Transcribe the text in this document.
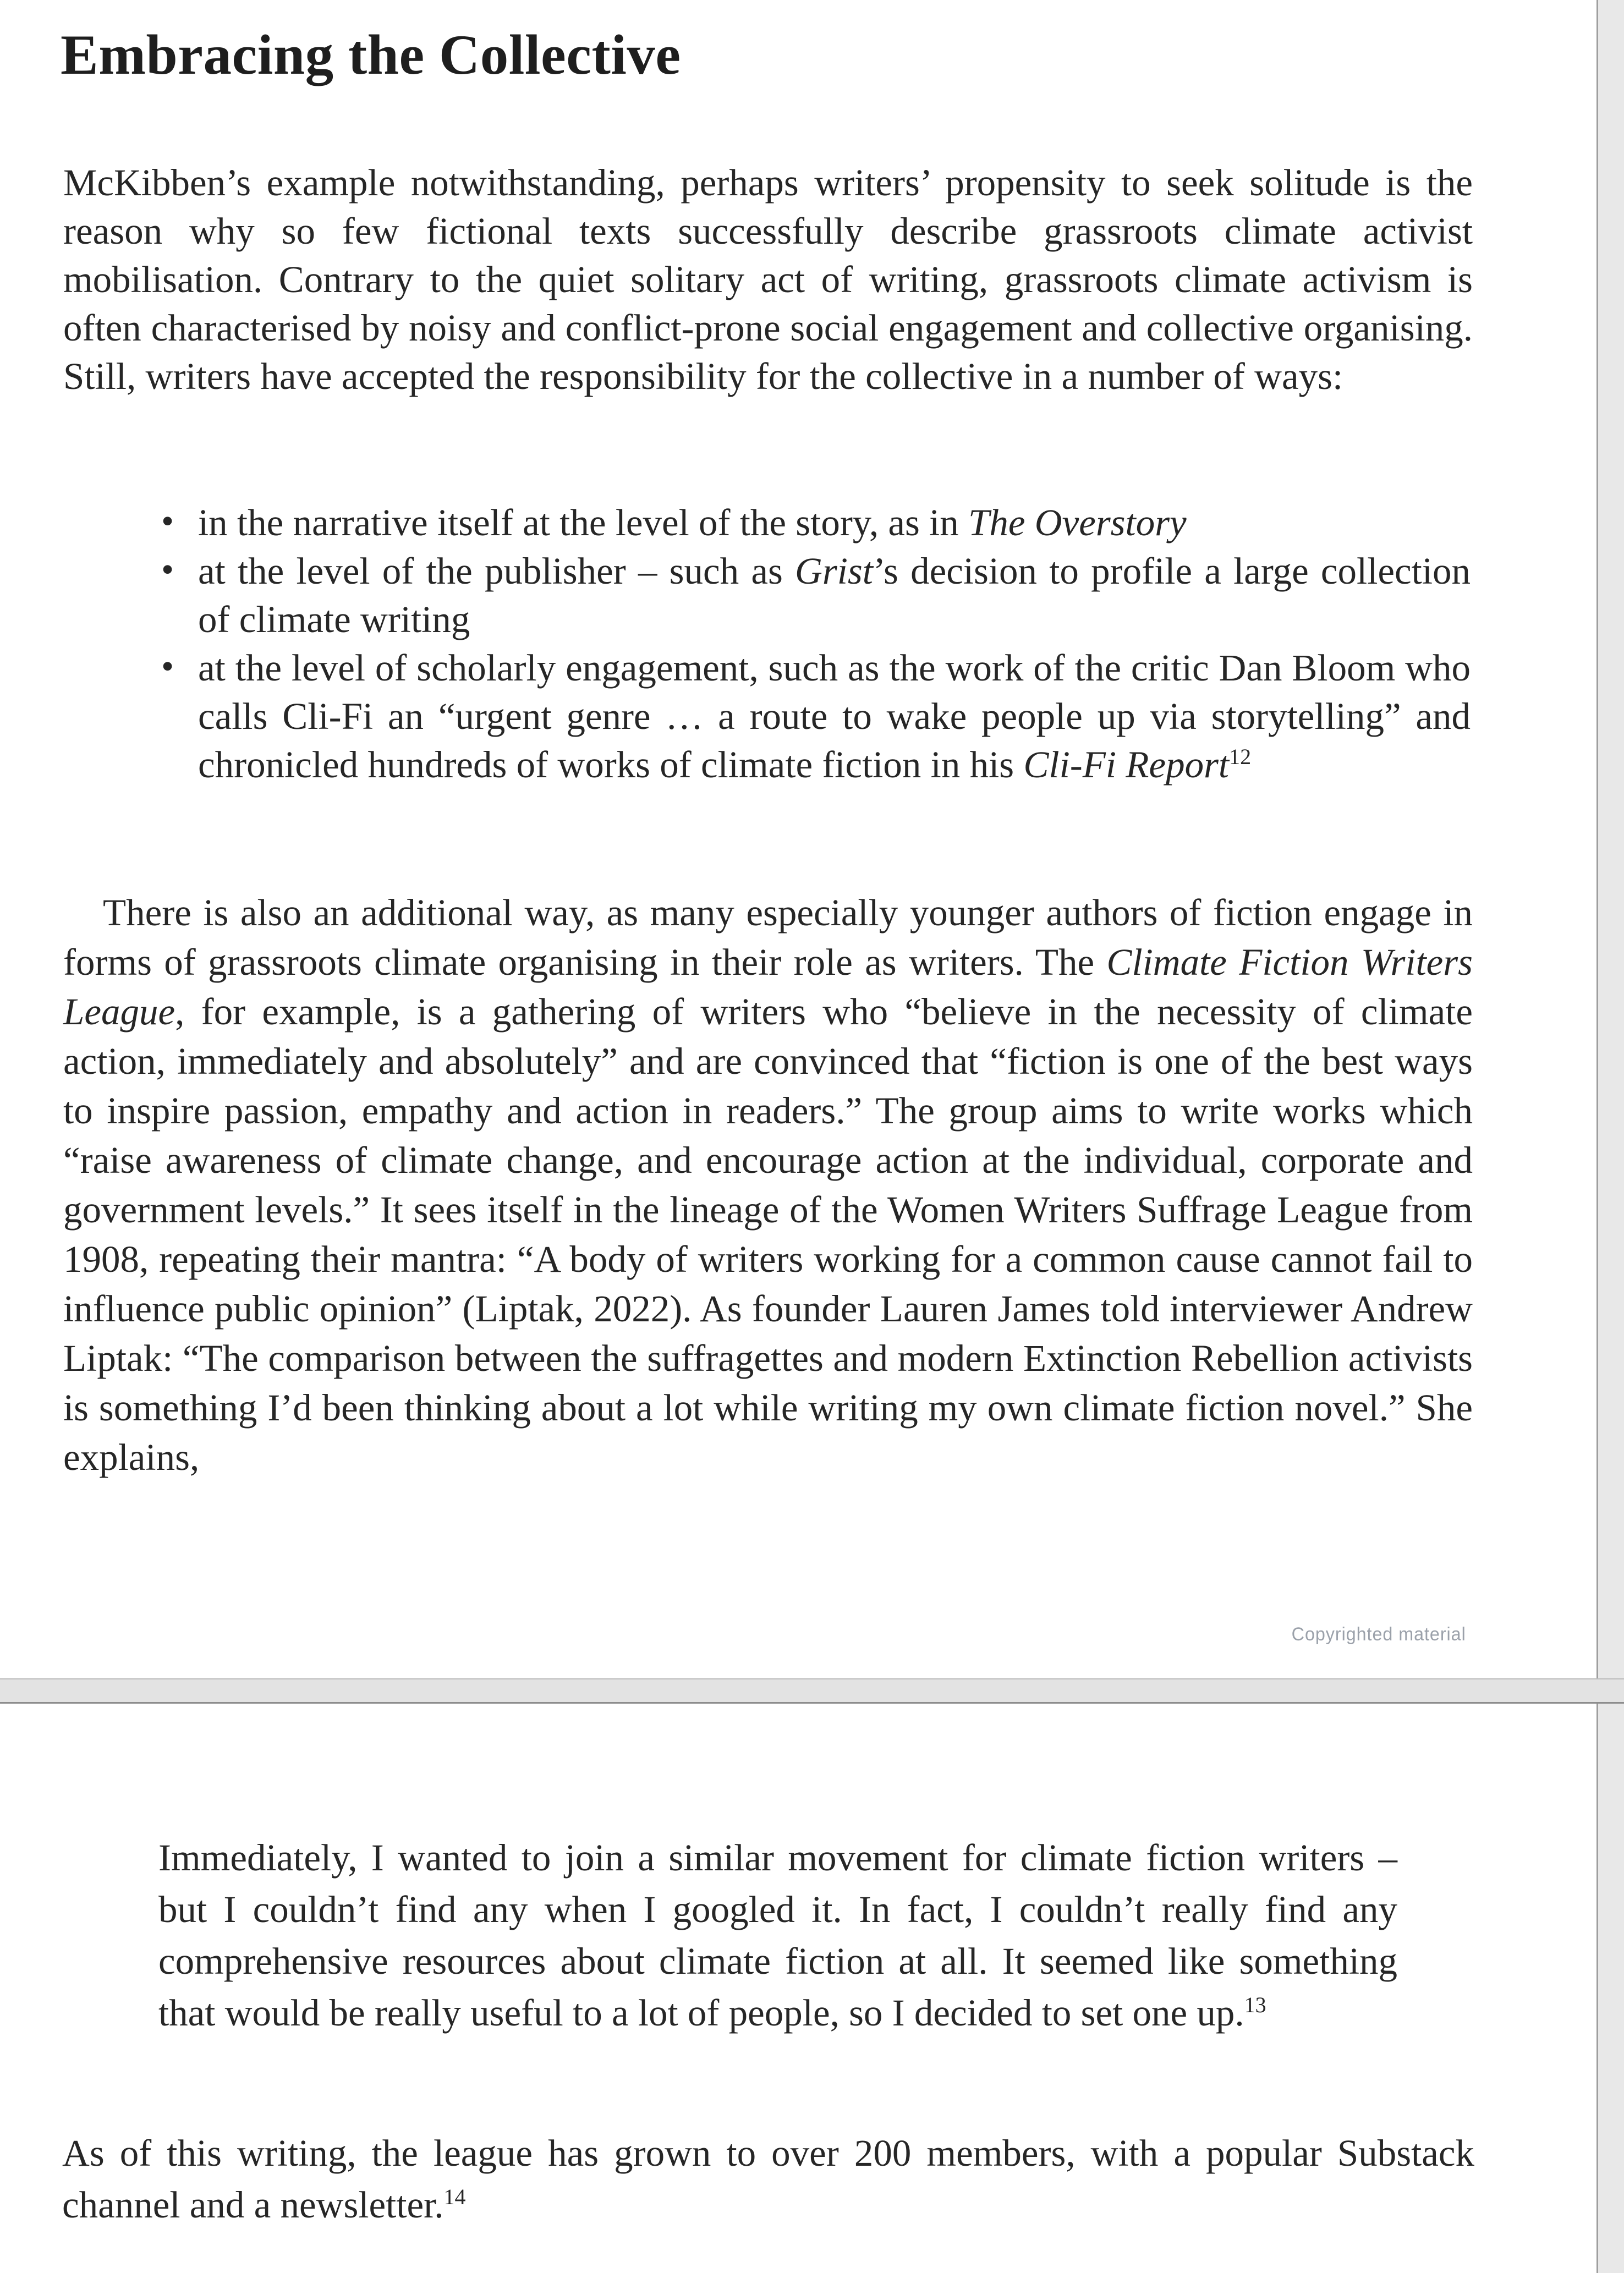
Embracing the Collective

McKibben’s example notwithstanding, perhaps writers’ propensity to seek solitude is the reason why so few fictional texts successfully describe grassroots climate activist mobilisation. Contrary to the quiet solitary act of writing, grassroots climate activism is often characterised by noisy and conflict-prone social engagement and collective organising. Still, writers have accepted the responsibility for the collective in a number of ways:

• in the narrative itself at the level of the story, as in The Overstory
• at the level of the publisher – such as Grist’s decision to profile a large collection of climate writing
• at the level of scholarly engagement, such as the work of the critic Dan Bloom who calls Cli-Fi an “urgent genre … a route to wake people up via storytelling” and chronicled hundreds of works of climate fiction in his Cli-Fi Report$^{12}$

There is also an additional way, as many especially younger authors of fiction engage in forms of grassroots climate organising in their role as writers. The Climate Fiction Writers League, for example, is a gathering of writers who “believe in the necessity of climate action, immediately and absolutely” and are convinced that “fiction is one of the best ways to inspire passion, empathy and action in readers.” The group aims to write works which “raise awareness of climate change, and encourage action at the individual, corporate and government levels.” It sees itself in the lineage of the Women Writers Suffrage League from 1908, repeating their mantra: “A body of writers working for a common cause cannot fail to influence public opinion” (Liptak, 2022). As founder Lauren James told interviewer Andrew Liptak: “The comparison between the suffragettes and modern Extinction Rebellion activists is something I’d been thinking about a lot while writing my own climate fiction novel.” She explains,

Copyrighted material
Immediately, I wanted to join a similar movement for climate fiction writers – but I couldn’t find any when I googled it. In fact, I couldn’t really find any comprehensive resources about climate fiction at all. It seemed like something that would be really useful to a lot of people, so I decided to set one up.$^{13}$

As of this writing, the league has grown to over 200 members, with a popular Substack channel and a newsletter.$^{14}$
